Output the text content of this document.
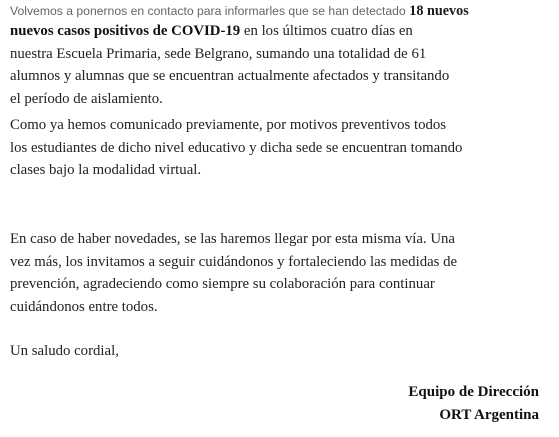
Volvemos a ponernos en contacto para informarles que se han detectado 18 nuevos

nuevos casos positivos de COVID-19 en los últimos cuatro días en
nuestra Escuela Primaria, sede Belgrano, sumando una totalidad de 61
alumnos y alumnas que se encuentran actualmente afectados y transitando
el período de aislamiento.

Como ya hemos comunicado previamente, por motivos preventivos todos
los estudiantes de dicho nivel educativo y dicha sede se encuentran tomando
clases bajo la modalidad virtual.

En caso de haber novedades, se las haremos llegar por esta misma vía. Una
vez más, los invitamos a seguir cuidándonos y fortaleciendo las medidas de
prevención, agradeciendo como siempre su colaboración para continuar
cuidándonos entre todos.

Un saludo cordial,

Equipo de Dirección
ORT Argentina
